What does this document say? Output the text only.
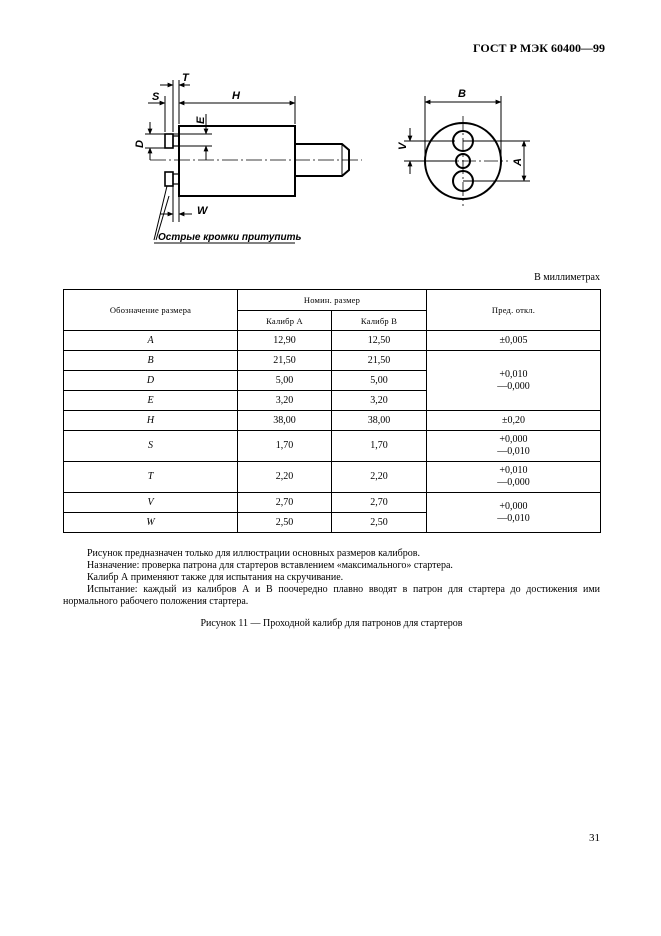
ГОСТ Р МЭК 60400—99
S
T
H
E
D
W
B
A
V
Острые кромки притупить
В миллиметрах
Обозначение размера	Номин. размер		Пред. откл.
	Калибр А	Калибр В	
A	12,90	12,50	±0,005
B	21,50	21,50	+0,010
—0,000

D	5,00	5,00	
E	3,20	3,20	
H	38,00	38,00	±0,20
S	1,70	1,70	+0,000
—0,010

T	2,20	2,20	+0,010
—0,000

V	2,70	2,70	+0,000
—0,010

W	2,50	2,50	

Рисунок предназначен только для иллюстрации основных размеров калибров.

Назначение: проверка патрона для стартеров вставлением «максимального» стартера.

Калибр А применяют также для испытания на скручивание.

Испытание: каждый из калибров А и В поочередно плавно вводят в патрон для стартера до достижения ими нормального рабочего положения стартера.

Рисунок 11 — Проходной калибр для патронов для стартеров
31
